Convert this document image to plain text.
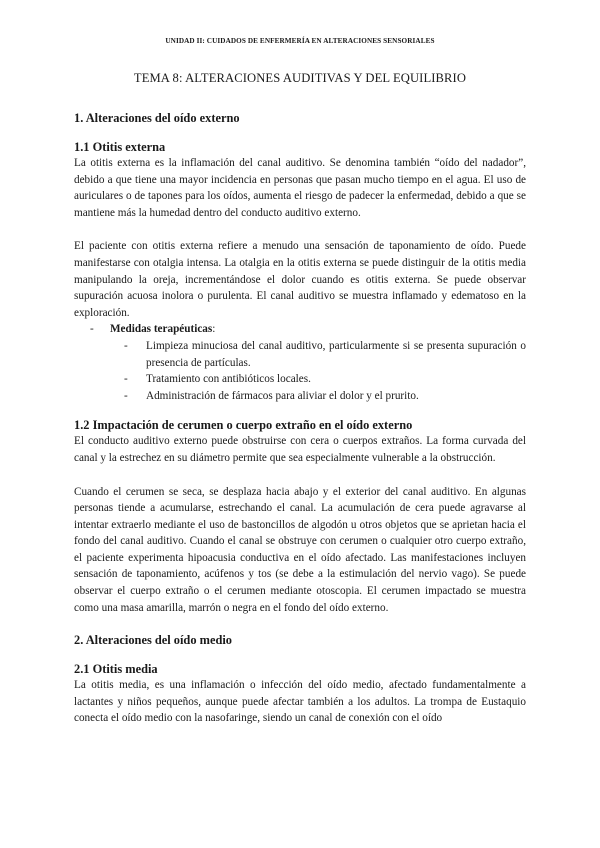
UNIDAD II: CUIDADOS DE ENFERMERÍA EN ALTERACIONES SENSORIALES
TEMA 8: ALTERACIONES AUDITIVAS Y DEL EQUILIBRIO
1. Alteraciones del oído externo
1.1 Otitis externa

La otitis externa es la inflamación del canal auditivo. Se denomina también “oído del nadador”, debido a que tiene una mayor incidencia en personas que pasan mucho tiempo en el agua. El uso de auriculares o de tapones para los oídos, aumenta el riesgo de padecer la enfermedad, debido a que se mantiene más la humedad dentro del conducto auditivo externo.

El paciente con otitis externa refiere a menudo una sensación de taponamiento de oído. Puede manifestarse con otalgia intensa. La otalgia en la otitis externa se puede distinguir de la otitis media manipulando la oreja, incrementándose el dolor cuando es otitis externa. Se puede observar supuración acuosa inolora o purulenta. El canal auditivo se muestra inflamado y edematoso en la exploración.

- Medidas terapéuticas:
- Limpieza minuciosa del canal auditivo, particularmente si se presenta supuración o presencia de partículas.
- Tratamiento con antibióticos locales.
- Administración de fármacos para aliviar el dolor y el prurito.
1.2 Impactación de cerumen o cuerpo extraño en el oído externo

El conducto auditivo externo puede obstruirse con cera o cuerpos extraños. La forma curvada del canal y la estrechez en su diámetro permite que sea especialmente vulnerable a la obstrucción.

Cuando el cerumen se seca, se desplaza hacia abajo y el exterior del canal auditivo. En algunas personas tiende a acumularse, estrechando el canal. La acumulación de cera puede agravarse al intentar extraerlo mediante el uso de bastoncillos de algodón u otros objetos que se aprietan hacia el fondo del canal auditivo. Cuando el canal se obstruye con cerumen o cualquier otro cuerpo extraño, el paciente experimenta hipoacusia conductiva en el oído afectado. Las manifestaciones incluyen sensación de taponamiento, acúfenos y tos (se debe a la estimulación del nervio vago). Se puede observar el cuerpo extraño o el cerumen mediante otoscopia. El cerumen impactado se muestra como una masa amarilla, marrón o negra en el fondo del oído externo.

2. Alteraciones del oído medio
2.1 Otitis media

La otitis media, es una inflamación o infección del oído medio, afectado fundamentalmente a lactantes y niños pequeños, aunque puede afectar también a los adultos. La trompa de Eustaquio conecta el oído medio con la nasofaringe, siendo un canal de conexión con el oído
